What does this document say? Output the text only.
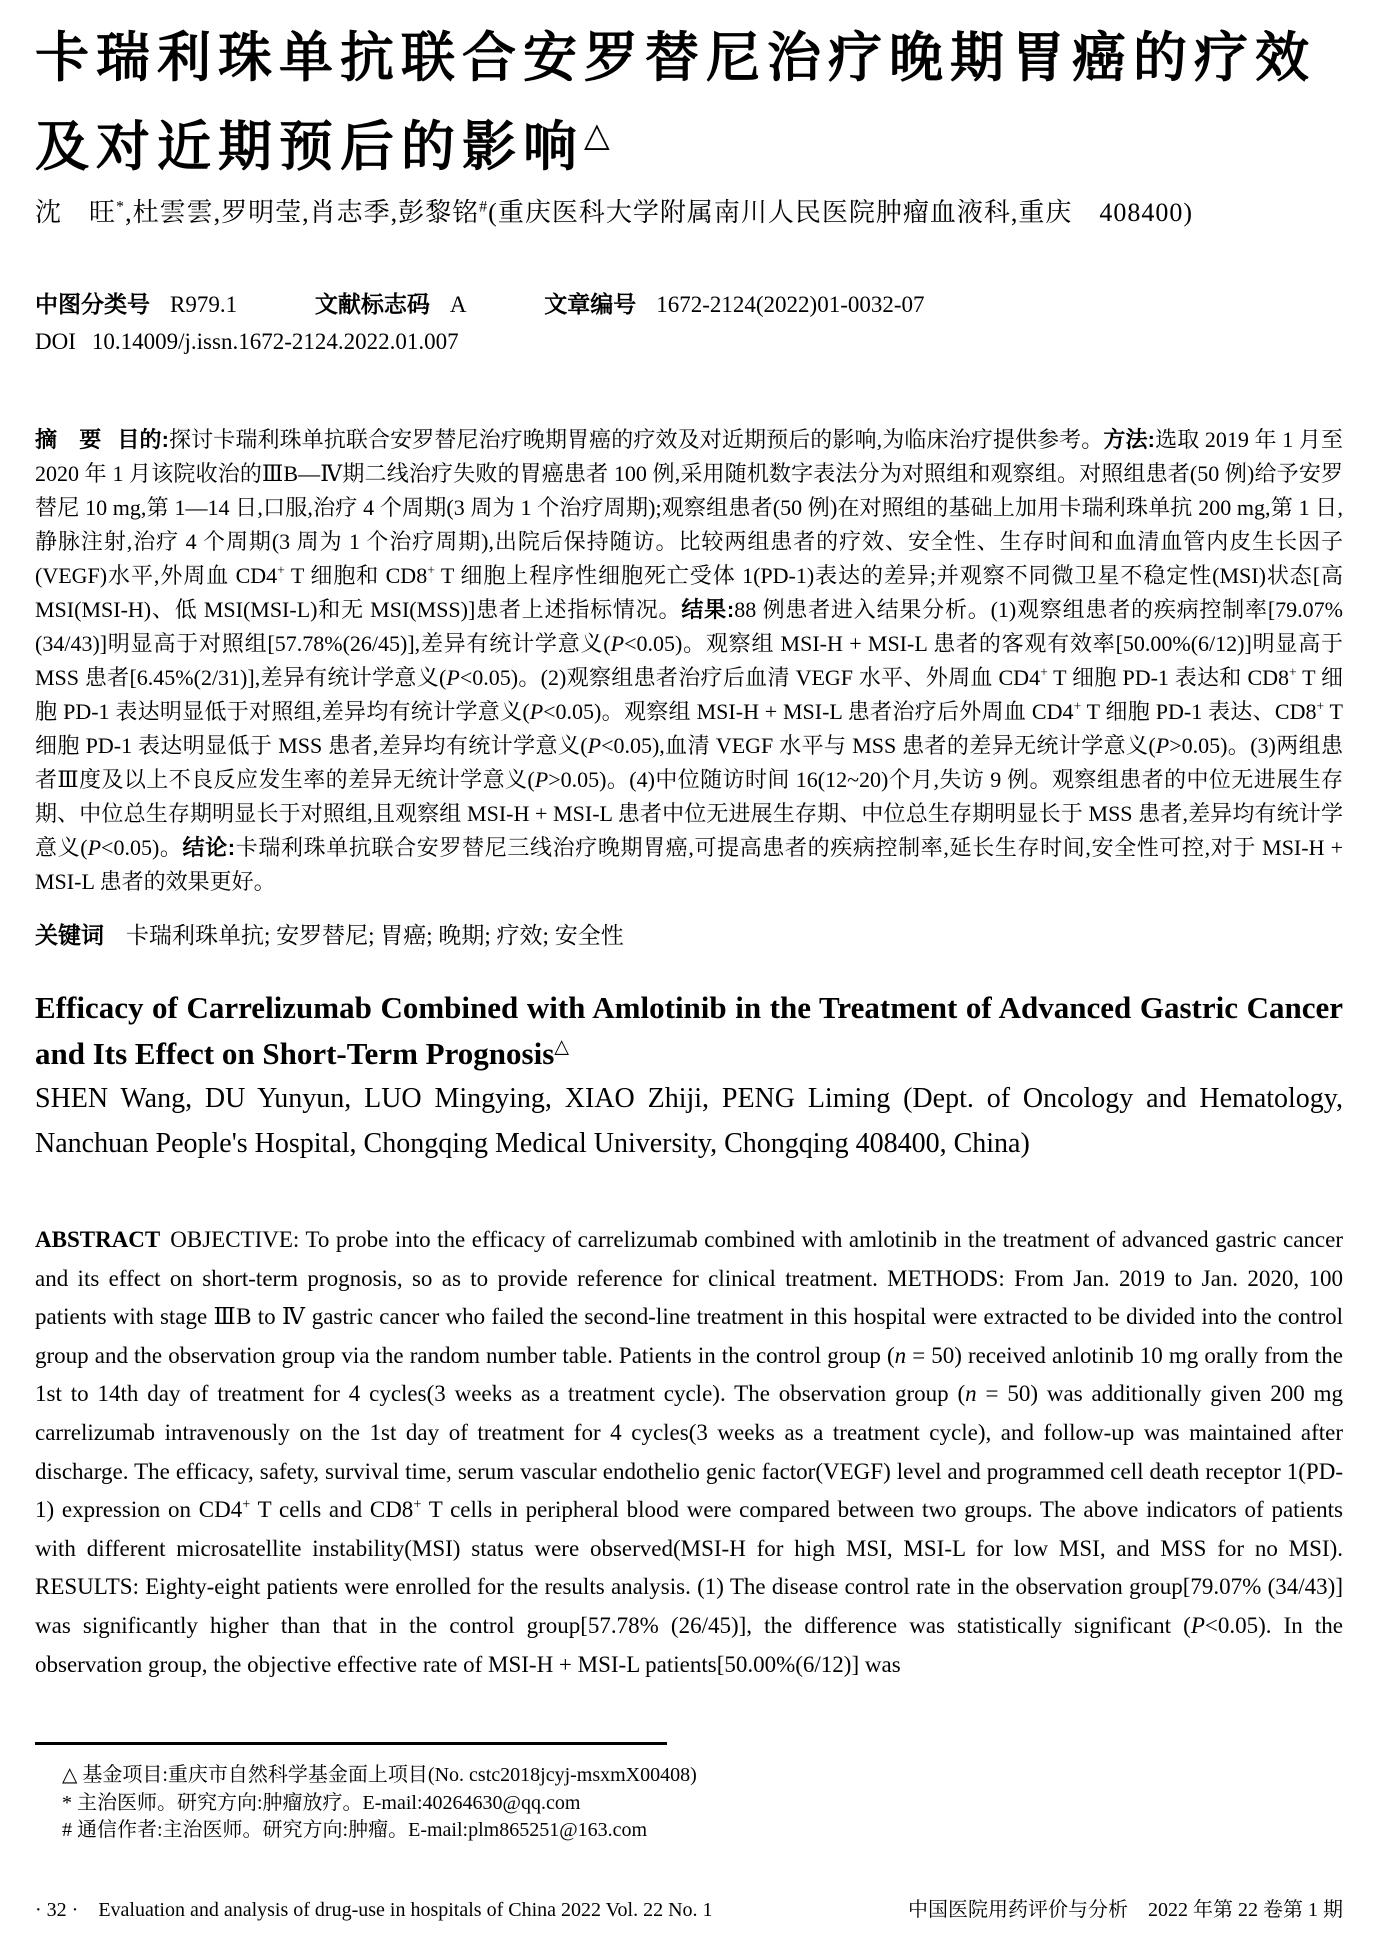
卡瑞利珠单抗联合安罗替尼治疗晚期胃癌的疗效
及对近期预后的影响△
沈　旺*,杜雲雲,罗明莹,肖志季,彭黎铭#(重庆医科大学附属南川人民医院肿瘤血液科,重庆　408400)
中图分类号 R979.1	文献标志码 A	文章编号 1672-2124(2022)01-0032-07
DOI 10.14009/j.issn.1672-2124.2022.01.007

摘　要 目的:探讨卡瑞利珠单抗联合安罗替尼治疗晚期胃癌的疗效及对近期预后的影响,为临床治疗提供参考。方法:选取 2019 年 1 月至 2020 年 1 月该院收治的ⅢB—Ⅳ期二线治疗失败的胃癌患者 100 例,采用随机数字表法分为对照组和观察组。对照组患者(50 例)给予安罗替尼 10 mg,第 1—14 日,口服,治疗 4 个周期(3 周为 1 个治疗周期);观察组患者(50 例)在对照组的基础上加用卡瑞利珠单抗 200 mg,第 1 日,静脉注射,治疗 4 个周期(3 周为 1 个治疗周期),出院后保持随访。比较两组患者的疗效、安全性、生存时间和血清血管内皮生长因子(VEGF)水平,外周血 CD4+ T 细胞和 CD8+ T 细胞上程序性细胞死亡受体 1(PD-1)表达的差异;并观察不同微卫星不稳定性(MSI)状态[高 MSI(MSI-H)、低 MSI(MSI-L)和无 MSI(MSS)]患者上述指标情况。结果:88 例患者进入结果分析。(1)观察组患者的疾病控制率[79.07%(34/43)]明显高于对照组[57.78%(26/45)],差异有统计学意义(P<0.05)。观察组 MSI-H + MSI-L 患者的客观有效率[50.00%(6/12)]明显高于 MSS 患者[6.45%(2/31)],差异有统计学意义(P<0.05)。(2)观察组患者治疗后血清 VEGF 水平、外周血 CD4+ T 细胞 PD-1 表达和 CD8+ T 细胞 PD-1 表达明显低于对照组,差异均有统计学意义(P<0.05)。观察组 MSI-H + MSI-L 患者治疗后外周血 CD4+ T 细胞 PD-1 表达、CD8+ T 细胞 PD-1 表达明显低于 MSS 患者,差异均有统计学意义(P<0.05),血清 VEGF 水平与 MSS 患者的差异无统计学意义(P>0.05)。(3)两组患者Ⅲ度及以上不良反应发生率的差异无统计学意义(P>0.05)。(4)中位随访时间 16(12~20)个月,失访 9 例。观察组患者的中位无进展生存期、中位总生存期明显长于对照组,且观察组 MSI-H + MSI-L 患者中位无进展生存期、中位总生存期明显长于 MSS 患者,差异均有统计学意义(P<0.05)。结论:卡瑞利珠单抗联合安罗替尼三线治疗晚期胃癌,可提高患者的疾病控制率,延长生存时间,安全性可控,对于 MSI-H + MSI-L 患者的效果更好。

关键词 卡瑞利珠单抗; 安罗替尼; 胃癌; 晚期; 疗效; 安全性
Efficacy of Carrelizumab Combined with Amlotinib in the Treatment of Advanced Gastric Cancer and Its Effect on Short-Term Prognosis△
SHEN Wang, DU Yunyun, LUO Mingying, XIAO Zhiji, PENG Liming (Dept. of Oncology and Hematology, Nanchuan People's Hospital, Chongqing Medical University, Chongqing 408400, China)

ABSTRACT OBJECTIVE: To probe into the efficacy of carrelizumab combined with amlotinib in the treatment of advanced gastric cancer and its effect on short-term prognosis, so as to provide reference for clinical treatment. METHODS: From Jan. 2019 to Jan. 2020, 100 patients with stage ⅢB to Ⅳ gastric cancer who failed the second-line treatment in this hospital were extracted to be divided into the control group and the observation group via the random number table. Patients in the control group (n = 50) received anlotinib 10 mg orally from the 1st to 14th day of treatment for 4 cycles(3 weeks as a treatment cycle). The observation group (n = 50) was additionally given 200 mg carrelizumab intravenously on the 1st day of treatment for 4 cycles(3 weeks as a treatment cycle), and follow-up was maintained after discharge. The efficacy, safety, survival time, serum vascular endothelio genic factor(VEGF) level and programmed cell death receptor 1(PD-1) expression on CD4+ T cells and CD8+ T cells in peripheral blood were compared between two groups. The above indicators of patients with different microsatellite instability(MSI) status were observed(MSI-H for high MSI, MSI-L for low MSI, and MSS for no MSI). RESULTS: Eighty-eight patients were enrolled for the results analysis. (1) The disease control rate in the observation group[79.07% (34/43)] was significantly higher than that in the control group[57.78% (26/45)], the difference was statistically significant (P<0.05). In the observation group, the objective effective rate of MSI-H + MSI-L patients[50.00%(6/12)] was

△ 基金项目:重庆市自然科学基金面上项目(No. cstc2018jcyj-msxmX00408)
* 主治医师。研究方向:肿瘤放疗。E-mail:40264630@qq.com
# 通信作者:主治医师。研究方向:肿瘤。E-mail:plm865251@163.com
· 32 ·　Evaluation and analysis of drug-use in hospitals of China 2022 Vol. 22 No. 1	中国医院用药评价与分析　2022 年第 22 卷第 1 期
